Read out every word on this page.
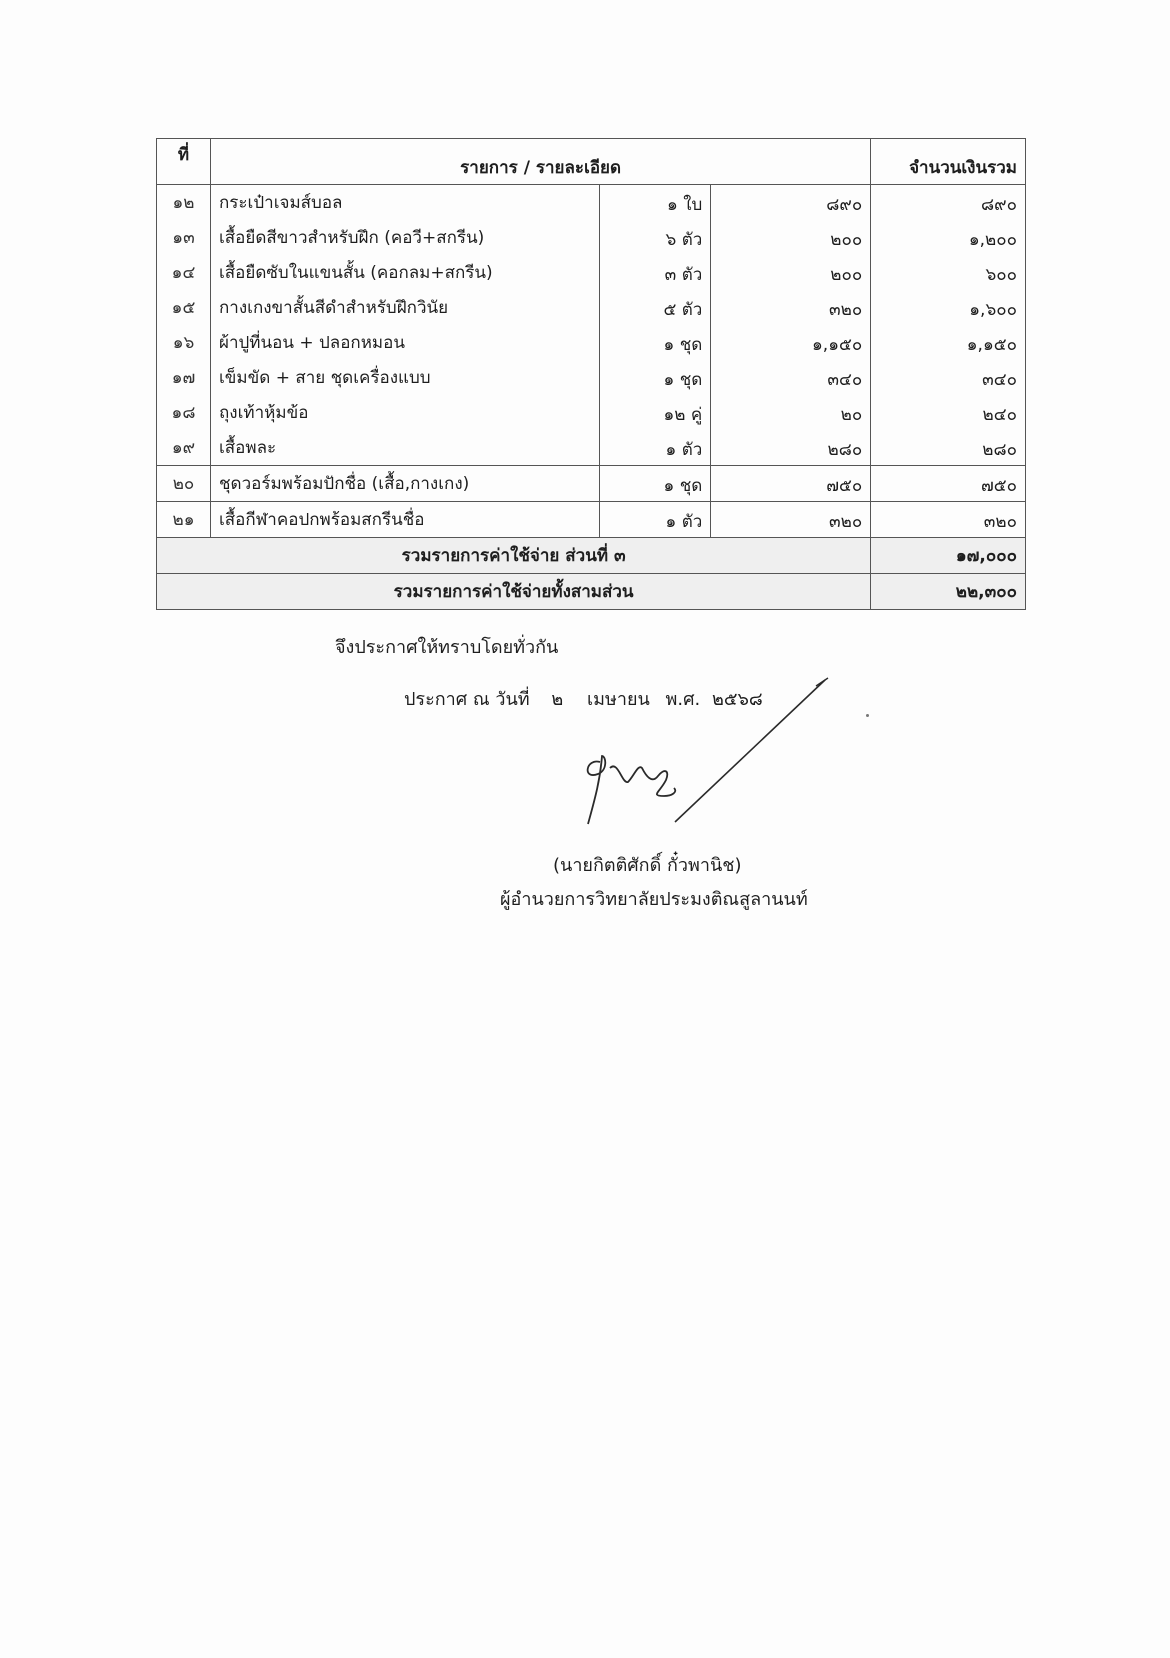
ที่	รายการ / รายละเอียด			จำนวนเงินรวม
๑๒	กระเป๋าเจมส์บอล	๑ ใบ	๘๙๐	๘๙๐
๑๓	เสื้อยืดสีขาวสำหรับฝึก (คอวี+สกรีน)	๖ ตัว	๒๐๐	๑,๒๐๐
๑๔	เสื้อยืดซับในแขนสั้น (คอกลม+สกรีน)	๓ ตัว	๒๐๐	๖๐๐
๑๕	กางเกงขาสั้นสีดำสำหรับฝึกวินัย	๕ ตัว	๓๒๐	๑,๖๐๐
๑๖	ผ้าปูที่นอน + ปลอกหมอน	๑ ชุด	๑,๑๕๐	๑,๑๕๐
๑๗	เข็มขัด + สาย ชุดเครื่องแบบ	๑ ชุด	๓๔๐	๓๔๐
๑๘	ถุงเท้าหุ้มข้อ	๑๒ คู่	๒๐	๒๔๐
๑๙	เสื้อพละ	๑ ตัว	๒๘๐	๒๘๐
๒๐	ชุดวอร์มพร้อมปักชื่อ (เสื้อ,กางเกง)	๑ ชุด	๗๕๐	๗๕๐
๒๑	เสื้อกีฬาคอปกพร้อมสกรีนชื่อ	๑ ตัว	๓๒๐	๓๒๐
รวมรายการค่าใช้จ่าย ส่วนที่ ๓				๑๗,๐๐๐
รวมรายการค่าใช้จ่ายทั้งสามส่วน				๒๒,๓๐๐
จึงประกาศให้ทราบโดยทั่วกัน
ประกาศ ณ วันที่ ๒ เมษายน พ.ศ. ๒๕๖๘
(นายกิตติศักดิ์ กั๋วพานิช)
ผู้อำนวยการวิทยาลัยประมงติณสูลานนท์
